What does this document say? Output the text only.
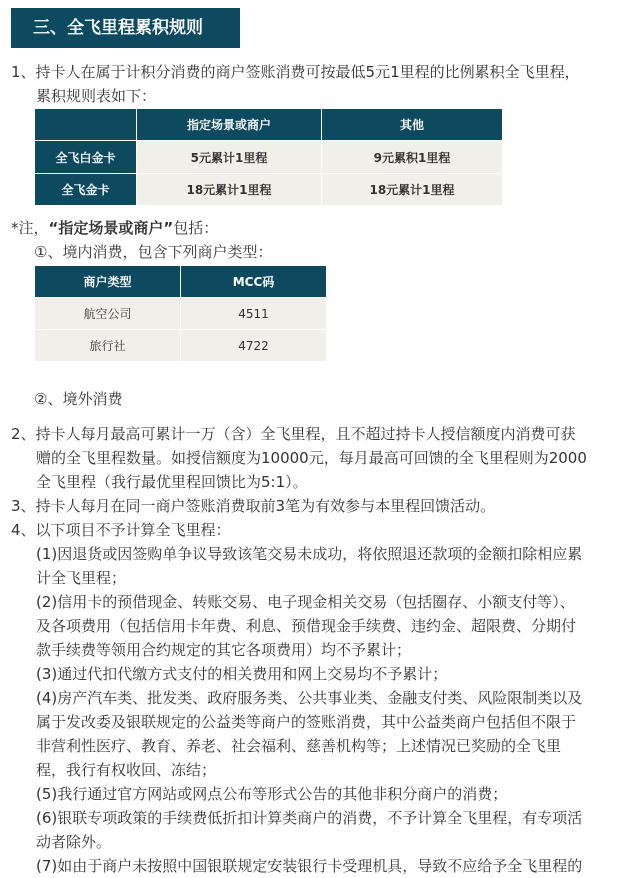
三、全飞里程累积规则
1、持卡人在属于计积分消费的商户签账消费可按最低5元1里程的比例累积全飞里程，
累积规则表如下：
	指定场景或商户	其他
全飞白金卡	5元累计1里程	9元累积1里程
全飞金卡	18元累计1里程	18元累计1里程
*注，“指定场景或商户”包括：
①、境内消费，包含下列商户类型：
商户类型	MCC码
航空公司	4511
旅行社	4722
②、境外消费
2、持卡人每月最高可累计一万（含）全飞里程，且不超过持卡人授信额度内消费可获
赠的全飞里程数量。如授信额度为10000元，每月最高可回馈的全飞里程则为2000
全飞里程（我行最优里程回馈比为5:1）。
3、持卡人每月在同一商户签账消费取前3笔为有效参与本里程回馈活动。
4、以下项目不予计算全飞里程：
(1)因退货或因签购单争议导致该笔交易未成功，将依照退还款项的金额扣除相应累
计全飞里程；
(2)信用卡的预借现金、转账交易、电子现金相关交易（包括圈存、小额支付等）、
及各项费用（包括信用卡年费、利息、预借现金手续费、违约金、超限费、分期付
款手续费等领用合约规定的其它各项费用）均不予累计；
(3)通过代扣代缴方式支付的相关费用和网上交易均不予累计；
(4)房产汽车类、批发类、政府服务类、公共事业类、金融支付类、风险限制类以及
属于发改委及银联规定的公益类等商户的签账消费，其中公益类商户包括但不限于
非营利性医疗、教育、养老、社会福利、慈善机构等；上述情况已奖励的全飞里
程，我行有权收回、冻结；
(5)我行通过官方网站或网点公布等形式公告的其他非积分商户的消费；
(6)银联专项政策的手续费低折扣计算类商户的消费，不予计算全飞里程，有专项活
动者除外。
(7)如由于商户未按照中国银联规定安装银行卡受理机具，导致不应给予全飞里程的
